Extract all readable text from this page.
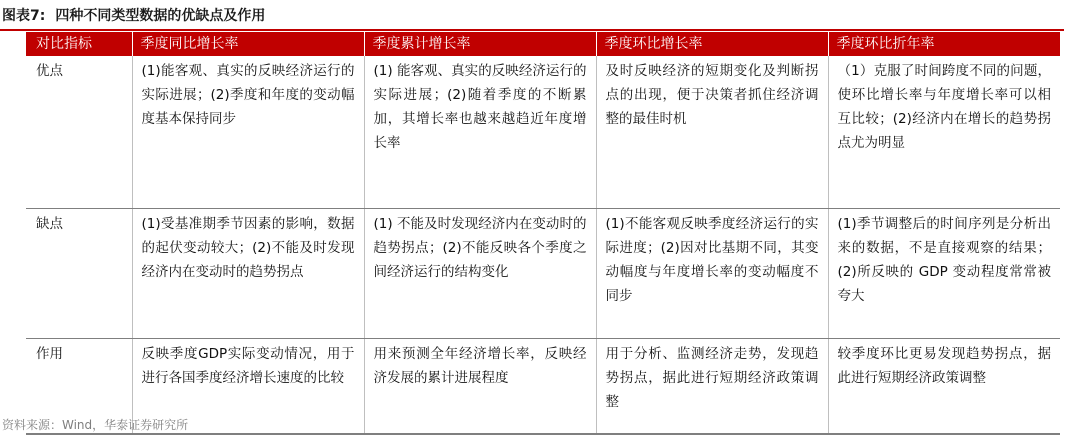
图表7: 四种不同类型数据的优缺点及作用
对比指标	季度同比增长率	季度累计增长率	季度环比增长率	季度环比折年率
优点	(1)能客观、真实的反映经济运行的实际进展；(2)季度和年度的变动幅度基本保持同步	(1) 能客观、真实的反映经济运行的实际进展；(2)随着季度的不断累加，其增长率也越来越趋近年度增长率	及时反映经济的短期变化及判断拐点的出现，便于决策者抓住经济调整的最佳时机	（1）克服了时间跨度不同的问题，使环比增长率与年度增长率可以相互比较；(2)经济内在增长的趋势拐点尤为明显
缺点	(1)受基准期季节因素的影响，数据的起伏变动较大；(2)不能及时发现经济内在变动时的趋势拐点	(1) 不能及时发现经济内在变动时的趋势拐点；(2)不能反映各个季度之间经济运行的结构变化	(1)不能客观反映季度经济运行的实际进度；(2)因对比基期不同，其变动幅度与年度增长率的变动幅度不同步	(1)季节调整后的时间序列是分析出来的数据，不是直接观察的结果；(2)所反映的 GDP 变动程度常常被夸大
作用	反映季度GDP实际变动情况，用于进行各国季度经济增长速度的比较	用来预测全年经济增长率，反映经济发展的累计进展程度	用于分析、监测经济走势，发现趋势拐点，据此进行短期经济政策调整	较季度环比更易发现趋势拐点，据此进行短期经济政策调整
资料来源：Wind，华泰证券研究所
